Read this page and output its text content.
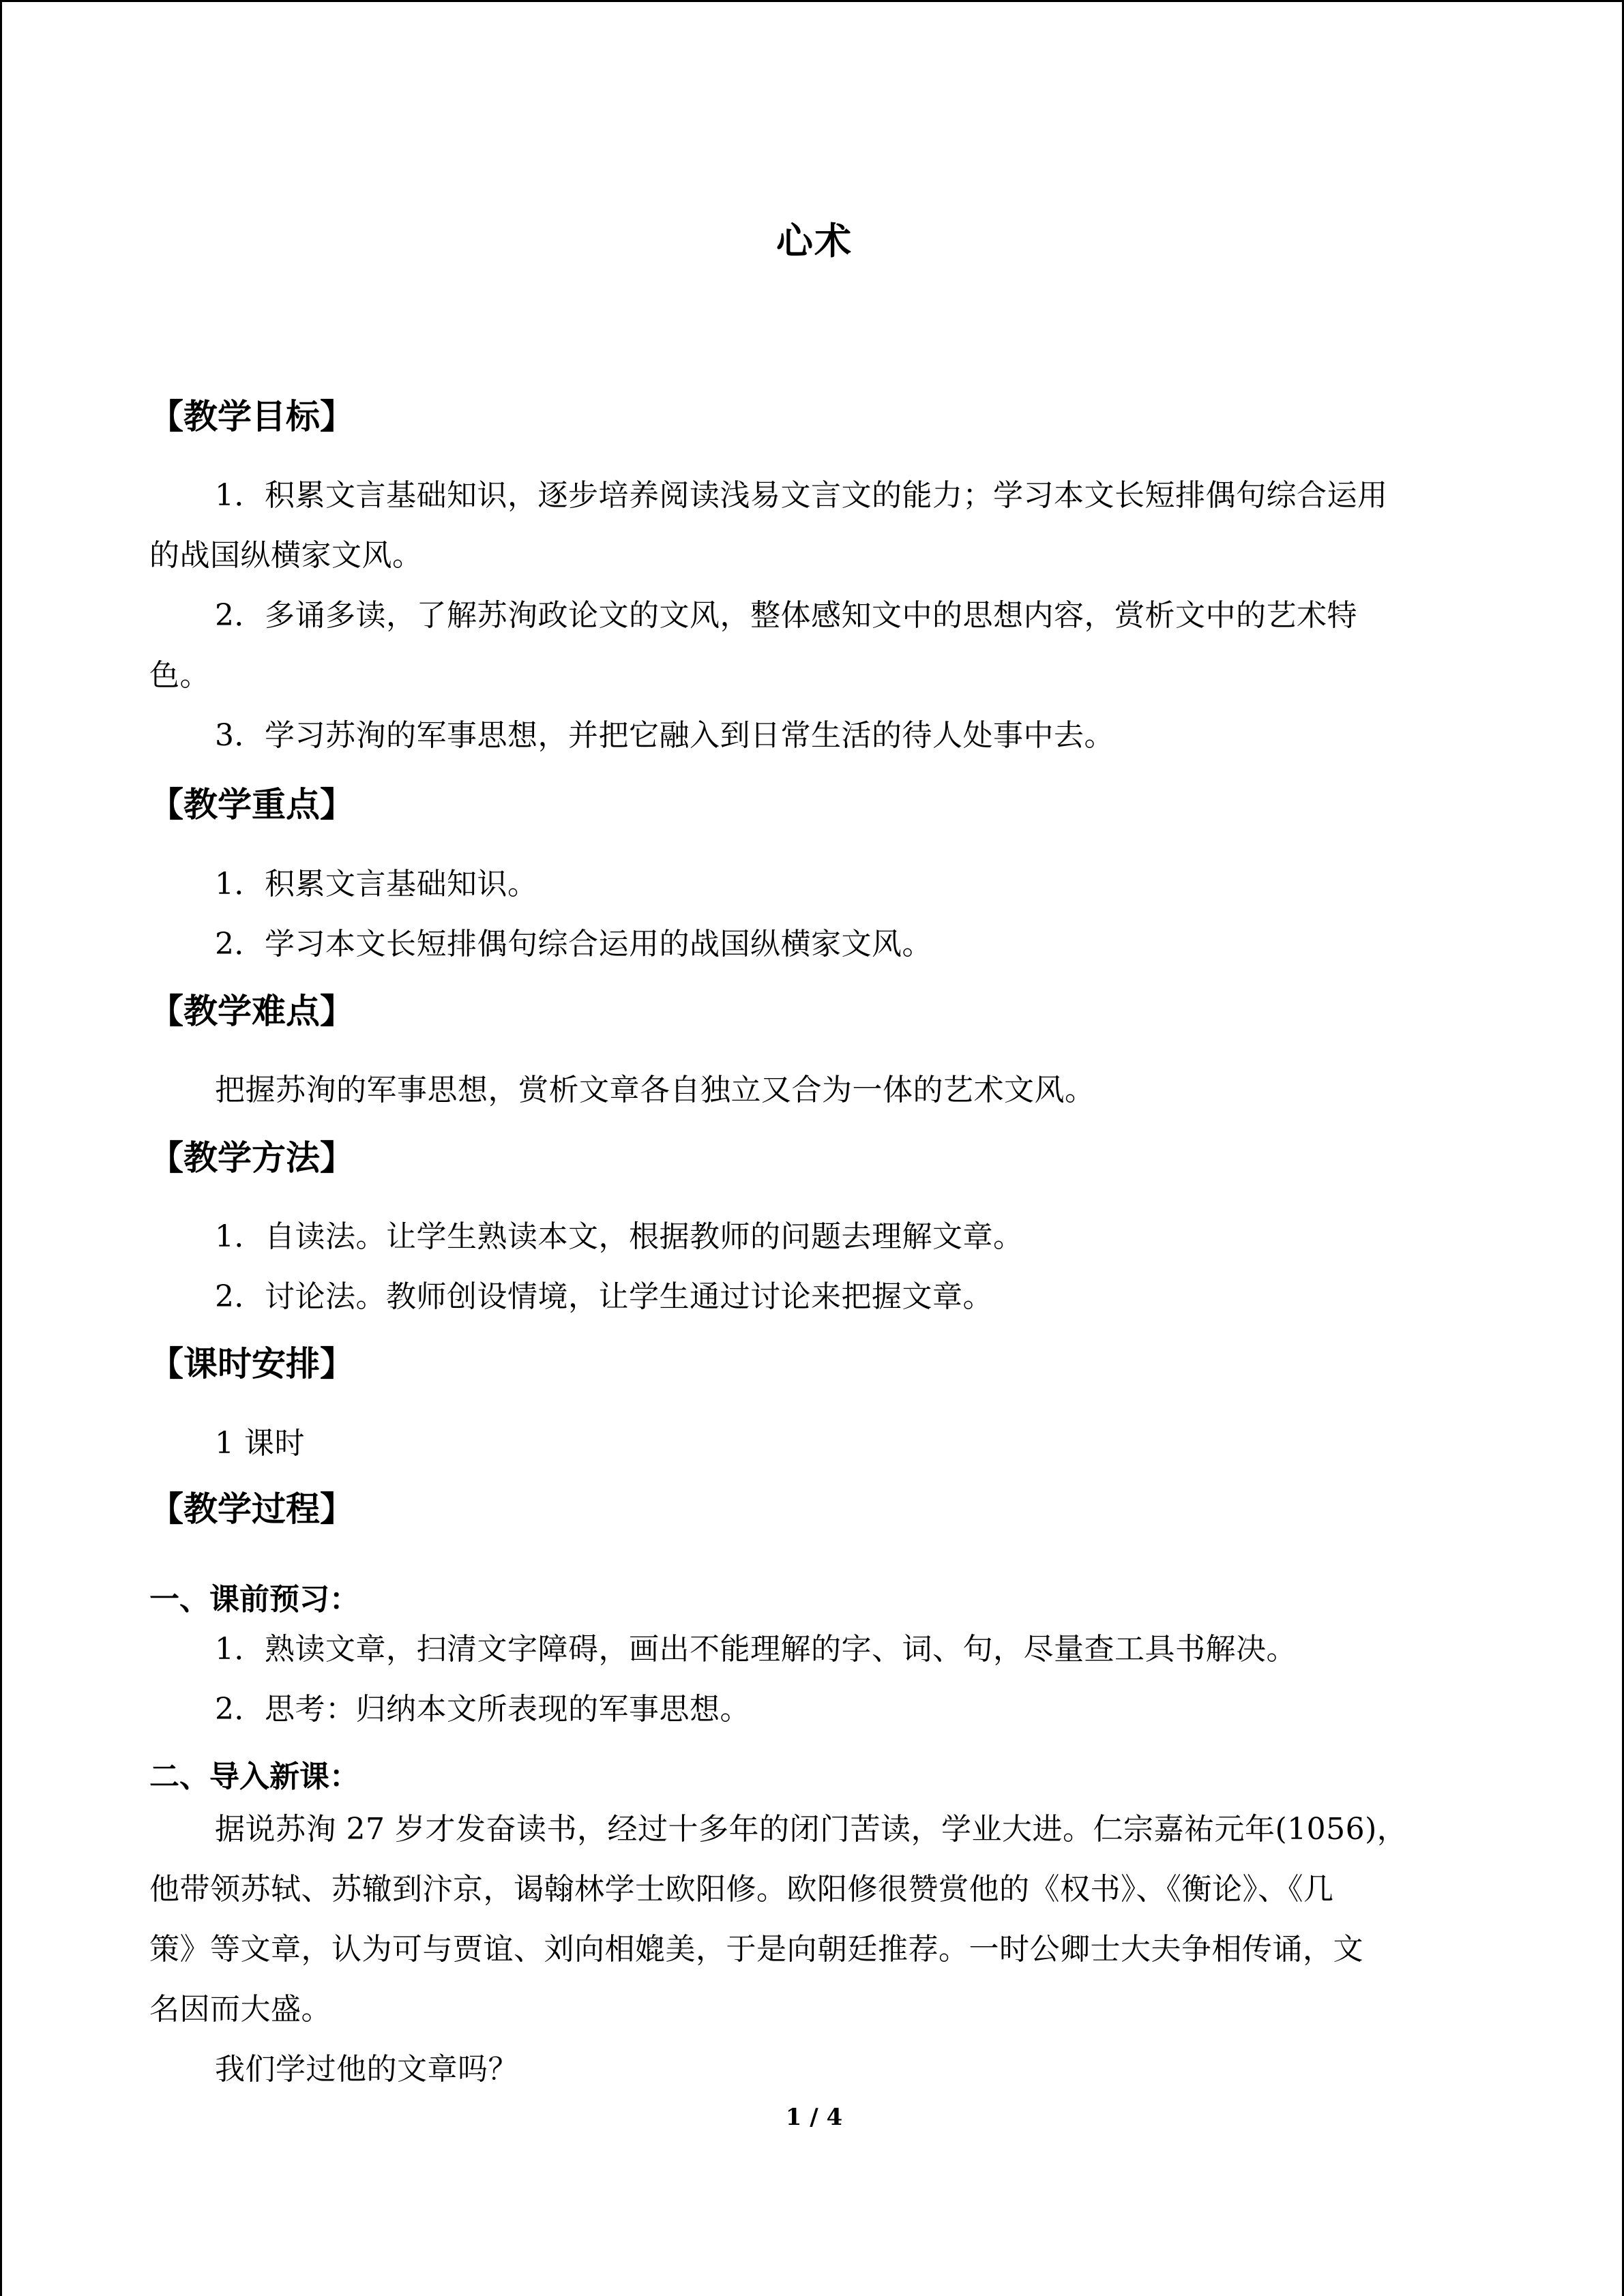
心术
【教学目标】
1．积累文言基础知识，逐步培养阅读浅易文言文的能力；学习本文长短排偶句综合运用
的战国纵横家文风。
2．多诵多读，了解苏洵政论文的文风，整体感知文中的思想内容，赏析文中的艺术特
色。
3．学习苏洵的军事思想，并把它融入到日常生活的待人处事中去。
【教学重点】
1．积累文言基础知识。
2．学习本文长短排偶句综合运用的战国纵横家文风。
【教学难点】
把握苏洵的军事思想，赏析文章各自独立又合为一体的艺术文风。
【教学方法】
1．自读法。让学生熟读本文，根据教师的问题去理解文章。
2．讨论法。教师创设情境，让学生通过讨论来把握文章。
【课时安排】
1 课时
【教学过程】
一、课前预习：
1．熟读文章，扫清文字障碍，画出不能理解的字、词、句，尽量查工具书解决。
2．思考：归纳本文所表现的军事思想。
二、导入新课：
据说苏洵 27 岁才发奋读书，经过十多年的闭门苦读，学业大进。仁宗嘉祐元年(1056)，
他带领苏轼、苏辙到汴京，谒翰林学士欧阳修。欧阳修很赞赏他的《权书》、《衡论》、《几
策》等文章，认为可与贾谊、刘向相媲美，于是向朝廷推荐。一时公卿士大夫争相传诵，文
名因而大盛。
我们学过他的文章吗？
1 / 4
